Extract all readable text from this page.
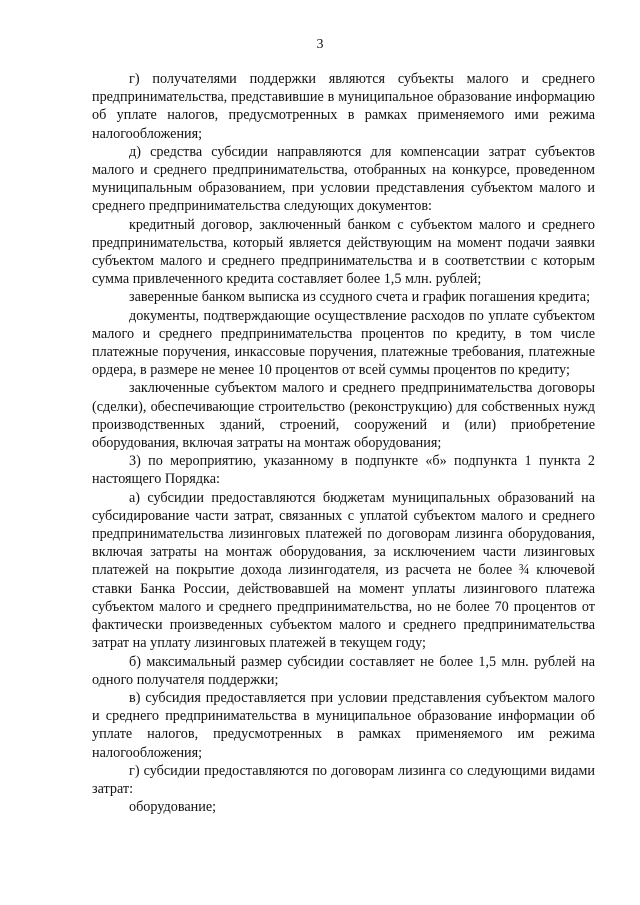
3

г) получателями поддержки являются субъекты малого и среднего предпринимательства, представившие в муниципальное образование информацию об уплате налогов, предусмотренных в рамках применяемого ими режима налогообложения;

д) средства субсидии направляются для компенсации затрат субъектов малого и среднего предпринимательства, отобранных на конкурсе, проведенном муниципальным образованием, при условии представления субъектом малого и среднего предпринимательства следующих документов:

кредитный договор, заключенный банком с субъектом малого и среднего предпринимательства, который является действующим на момент подачи заявки субъектом малого и среднего предпринимательства и в соответствии с которым сумма привлеченного кредита составляет более 1,5 млн. рублей;

заверенные банком выписка из ссудного счета и график погашения кредита;

документы, подтверждающие осуществление расходов по уплате субъектом малого и среднего предпринимательства процентов по кредиту, в том числе платежные поручения, инкассовые поручения, платежные требования, платежные ордера, в размере не менее 10 процентов от всей суммы процентов по кредиту;

заключенные субъектом малого и среднего предпринимательства договоры (сделки), обеспечивающие строительство (реконструкцию) для собственных нужд производственных зданий, строений, сооружений и (или) приобретение оборудования, включая затраты на монтаж оборудования;

3) по мероприятию, указанному в подпункте «б» подпункта 1 пункта 2 настоящего Порядка:

а) субсидии предоставляются бюджетам муниципальных образований на субсидирование части затрат, связанных с уплатой субъектом малого и среднего предпринимательства лизинговых платежей по договорам лизинга оборудования, включая затраты на монтаж оборудования, за исключением части лизинговых платежей на покрытие дохода лизингодателя, из расчета не более ¾ ключевой ставки Банка России, действовавшей на момент уплаты лизингового платежа субъектом малого и среднего предпринимательства, но не более 70 процентов от фактически произведенных субъектом малого и среднего предпринимательства затрат на уплату лизинговых платежей в текущем году;

б) максимальный размер субсидии составляет не более 1,5 млн. рублей на одного получателя поддержки;

в) субсидия предоставляется при условии представления субъектом малого и среднего предпринимательства в муниципальное образование информации об уплате налогов, предусмотренных в рамках применяемого им режима налогообложения;

г) субсидии предоставляются по договорам лизинга со следующими видами затрат:

оборудование;
